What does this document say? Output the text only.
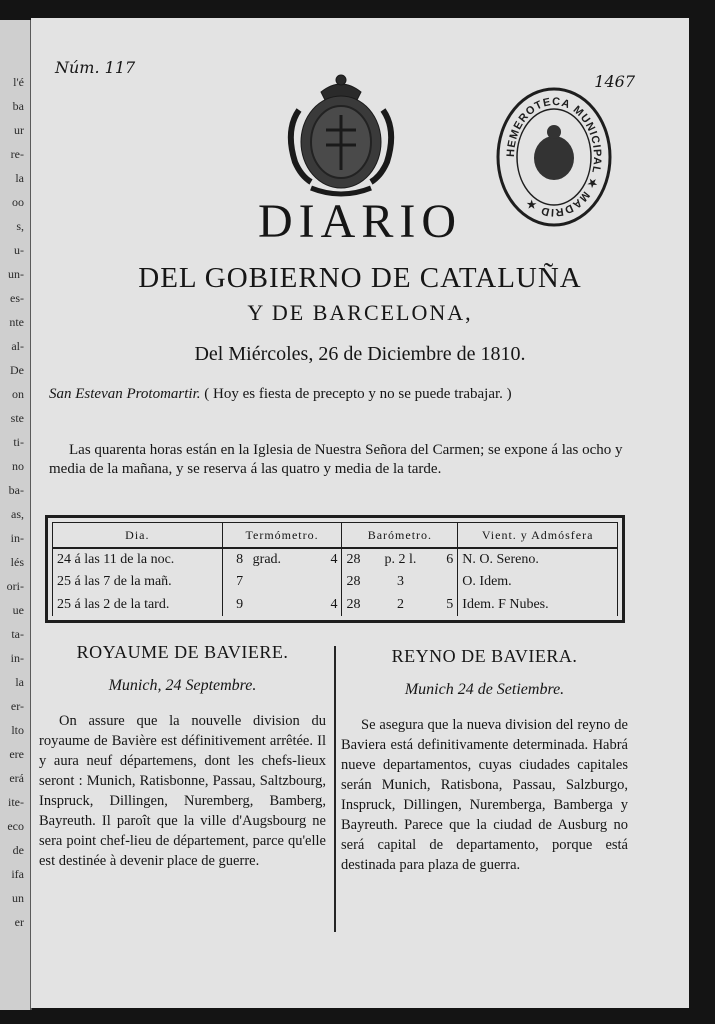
l'é
ba
ur
re-
la
oo
s,
u-
un-
es-
nte
al-
De
on
ste
ti-
no
ba-
as,
in-
lés
ori-
ue
ta-
in-
la
er-
lto
ere
erá
ite-
eco
de
ifa
un
er
Núm. 117
1467
HEMEROTECA MUNICIPAL ★ MADRID ★
DIARIO
DEL GOBIERNO DE CATALUÑA
Y DE BARCELONA,
Del Miércoles, 26 de Diciembre de 1810.
San Estevan Protomartir. ( Hoy es fiesta de precepto y no se puede trabajar. )
Las quarenta horas están en la Iglesia de Nuestra Señora del Carmen; se expone á las ocho y media de la mañana, y se reserva á las quatro y media de la tarde.
Dia.	Termómetro.	Barómetro.	Vient. y Admósfera
24 á las 11 de la noc.	8 grad. 4	28 p. 2 l. 6	N. O. Sereno.
25 á las 7 de la mañ.	7	28 3	O. Idem.
25 á las 2 de la tard.	9 4	28 2 5	Idem. F Nubes.
ROYAUME DE BAVIERE.
Munich, 24 Septembre.
On assure que la nouvelle division du royaume de Bavière est définitivement arrêtée. Il y aura neuf départemens, dont les chefs-lieux seront : Munich, Ratisbonne, Passau, Saltzbourg, Inspruck, Dillingen, Nuremberg, Bamberg, Bayreuth. Il paroît que la ville d'Augsbourg ne sera point chef-lieu de département, parce qu'elle est destinée à devenir place de guerre.
REYNO DE BAVIERA.
Munich 24 de Setiembre.
Se asegura que la nueva division del reyno de Baviera está definitivamente determinada. Habrá nueve departamentos, cuyas ciudades capitales serán Munich, Ratisbona, Passau, Salzburgo, Inspruck, Dillingen, Nuremberga, Bamberga y Bayreuth. Parece que la ciudad de Ausburg no será capital de departamento, porque está destinada para plaza de guerra.
